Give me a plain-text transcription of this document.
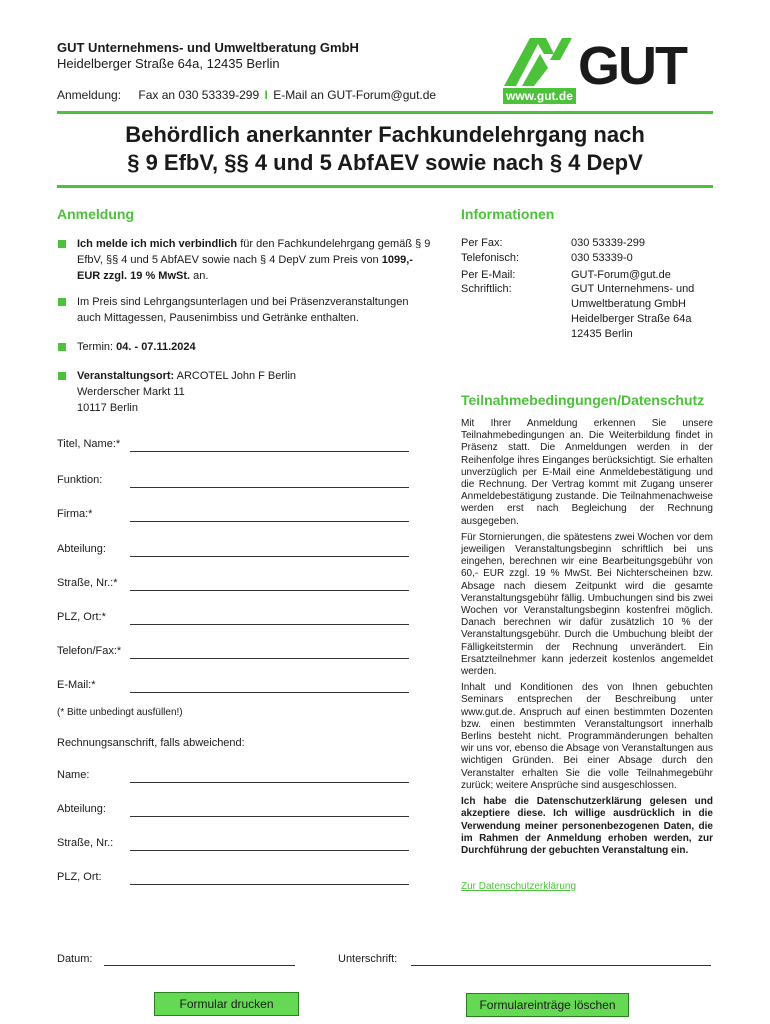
GUT Unternehmens- und Umweltberatung GmbH
Heidelberger Straße 64a, 12435 Berlin
Anmeldung: Fax an 030 53339-299 I E-Mail an GUT-Forum@gut.de	GUT
www.gut.de
Behördlich anerkannter Fachkundelehrgang nach
§ 9 EfbV, §§ 4 und 5 AbfAEV sowie nach § 4 DepV
Anmeldung
Ich melde ich mich verbindlich für den Fachkundelehrgang gemäß § 9 EfbV, §§ 4 und 5 AbfAEV sowie nach § 4 DepV zum Preis von 1099,- EUR zzgl. 19 % MwSt. an.
Im Preis sind Lehrgangsunterlagen und bei Präsenzveranstaltungen auch Mittagessen, Pausenimbiss und Getränke enthalten.
Termin: 04. - 07.11.2024
Veranstaltungsort: ARCOTEL John F Berlin
Werderscher Markt 11
10117 Berlin
Titel, Name:*
Funktion:
Firma:*
Abteilung:
Straße, Nr.:*
PLZ, Ort:*
Telefon/Fax:*
E-Mail:*
(* Bitte unbedingt ausfüllen!)
Rechnungsanschrift, falls abweichend:
Name:
Abteilung:
Straße, Nr.:
PLZ, Ort:
Informationen
Per Fax:	030 53339-299
Telefonisch:	030 53339-0
Per E-Mail:	GUT-Forum@gut.de
Schriftlich:	GUT Unternehmens- und
Umweltberatung GmbH
Heidelberger Straße 64a
12435 Berlin
Teilnahmebedingungen/Datenschutz

Mit Ihrer Anmeldung erkennen Sie unsere Teilnahmebedingungen an. Die Weiterbildung findet in Präsenz statt. Die Anmeldungen werden in der Reihenfolge ihres Einganges berücksichtigt. Sie erhalten unverzüglich per E-Mail eine Anmeldebestätigung und die Rechnung. Der Vertrag kommt mit Zugang unserer Anmeldebestätigung zustande. Die Teilnahmenachweise werden erst nach Begleichung der Rechnung ausgegeben.

Für Stornierungen, die spätestens zwei Wochen vor dem jeweiligen Veranstaltungsbeginn schriftlich bei uns eingehen, berechnen wir eine Bearbeitungsgebühr von 60,- EUR zzgl. 19 % MwSt. Bei Nichterscheinen bzw. Absage nach diesem Zeitpunkt wird die gesamte Veranstaltungsgebühr fällig. Umbuchungen sind bis zwei Wochen vor Veranstaltungsbeginn kostenfrei möglich. Danach berechnen wir dafür zusätzlich 10 % der Veranstaltungsgebühr. Durch die Umbuchung bleibt der Fälligkeitstermin der Rechnung unverändert. Ein Ersatzteilnehmer kann jederzeit kostenlos angemeldet werden.

Inhalt und Konditionen des von Ihnen gebuchten Seminars entsprechen der Beschreibung unter www.gut.de. Anspruch auf einen bestimmten Dozenten bzw. einen bestimmten Veranstaltungsort innerhalb Berlins besteht nicht. Programmänderungen behalten wir uns vor, ebenso die Absage von Veranstaltungen aus wichtigen Gründen. Bei einer Absage durch den Veranstalter erhalten Sie die volle Teilnahmegebühr zurück; weitere Ansprüche sind ausgeschlossen.

Ich habe die Datenschutzerklärung gelesen und akzeptiere diese. Ich willige ausdrücklich in die Verwendung meiner personenbezogenen Daten, die im Rahmen der Anmeldung erhoben werden, zur Durchführung der gebuchten Veranstaltung ein.

Zur Datenschutzerklärung
Datum:	Unterschrift:
Formular drucken	Formulareinträge löschen
